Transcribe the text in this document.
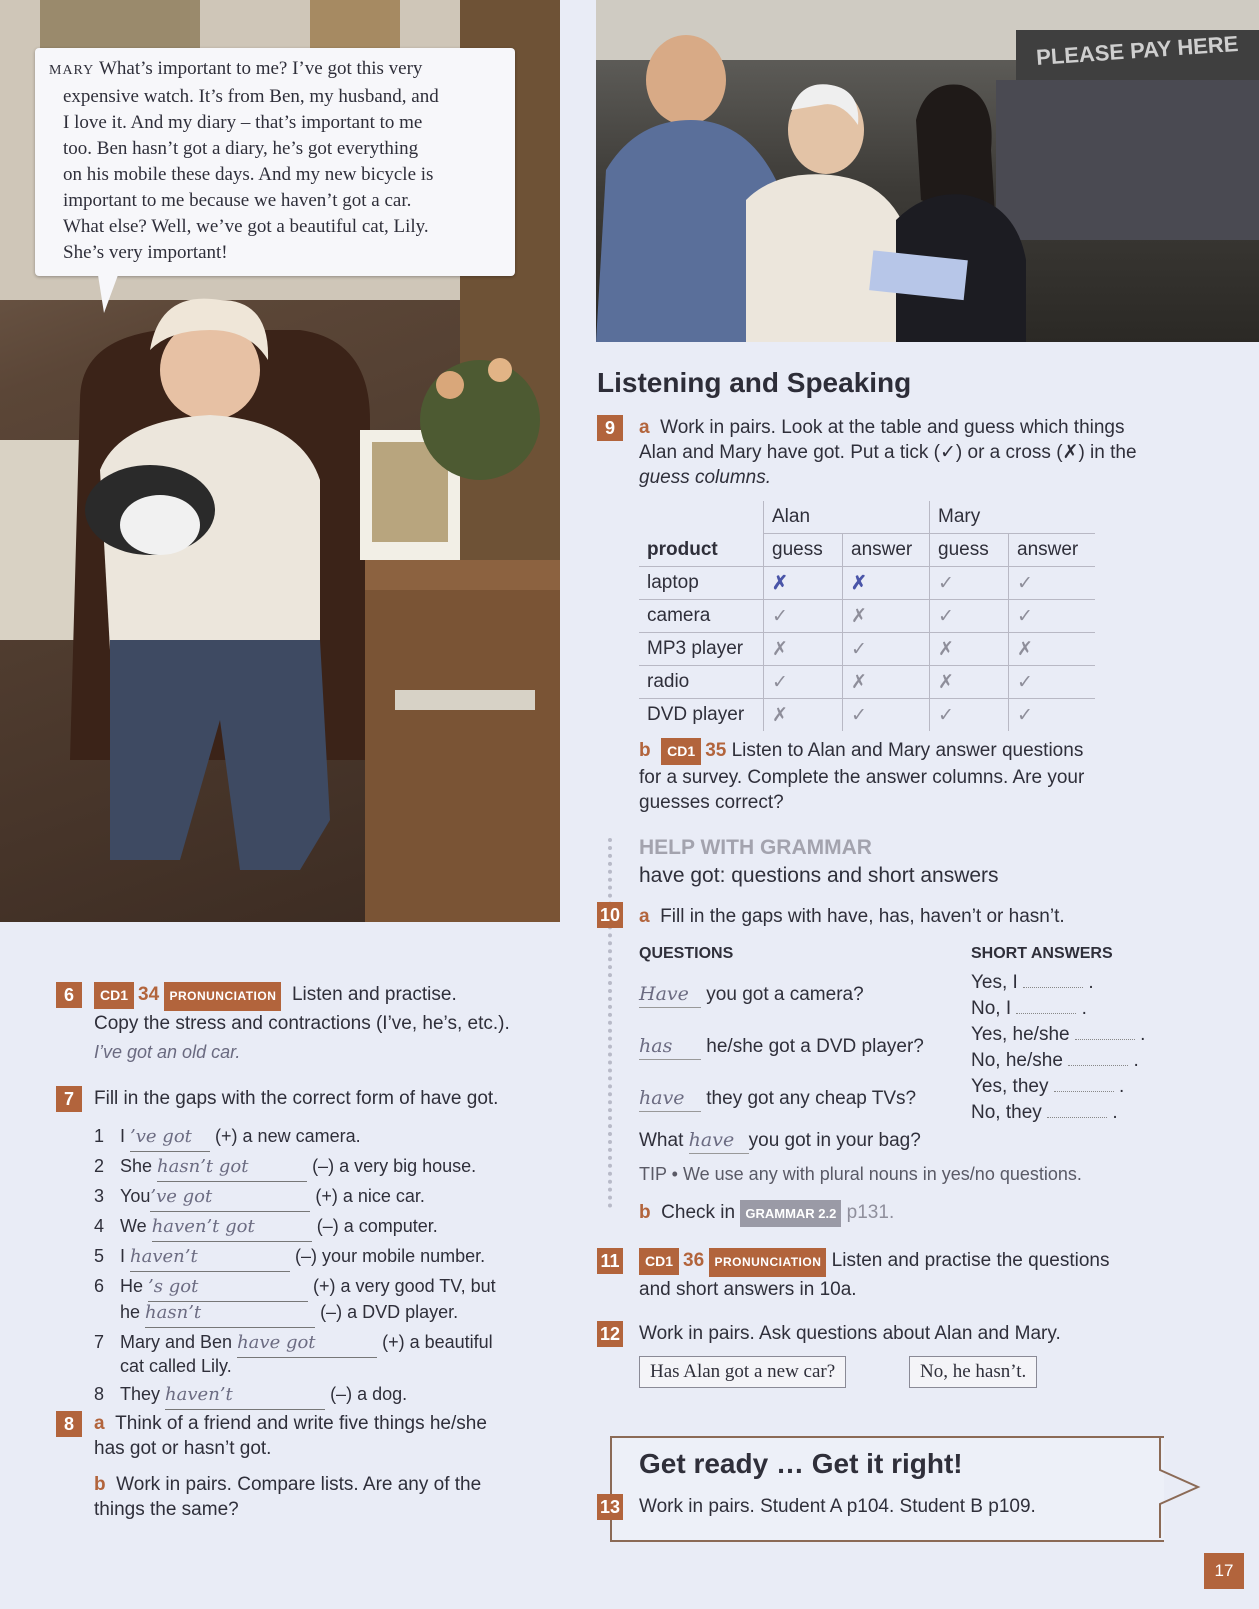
MARY What’s important to me? I’ve got this very
expensive watch. It’s from Ben, my husband, and
I love it. And my diary – that’s important to me
too. Ben hasn’t got a diary, he’s got everything
on his mobile these days. And my new bicycle is
important to me because we haven’t got a car.
What else? Well, we’ve got a beautiful cat, Lily.
She’s very important!
PLEASE PAY HERE
Listening and Speaking
9	a Work in pairs. Look at the table and guess which things
Alan and Mary have got. Put a tick (✓) or a cross (✗) in the
guess columns.
	Alan		Mary	
product	guess	answer	guess	answer
laptop	✗	✗	✓	✓
camera	✓	✗	✓	✓
MP3 player	✗	✓	✗	✗
radio	✓	✗	✗	✓
DVD player	✗	✓	✓	✓
b CD1 35 Listen to Alan and Mary answer questions
for a survey. Complete the answer columns. Are your
guesses correct?
HELP WITH GRAMMAR
have got: questions and short answers
10 a Fill in the gaps with have, has, haven’t or hasn’t.
QUESTIONS	SHORT ANSWERS
Have you got a camera?
has he/she got a DVD player?
have they got any cheap TVs?
What have you got in your bag?
Yes, I	.
No, I	.
Yes, he/she	.
No, he/she	.
Yes, they	.
No, they	.
TIP • We use any with plural nouns in yes/no questions.
b Check in GRAMMAR 2.2 p131.
11	CD1 36 PRONUNCIATION Listen and practise the questions
and short answers in 10a.
12 Work in pairs. Ask questions about Alan and Mary.
Has Alan got a new car?	No, he hasn’t.
Get ready … Get it right!
13 Work in pairs. Student A p104. Student B p109.
6	CD1 34 PRONUNCIATION Listen and practise.
Copy the stress and contractions (I’ve, he’s, etc.).
I’ve got an old car.
7	Fill in the gaps with the correct form of have got.
1 I ’ve got (+) a new camera.
2 She hasn’t got	(–) a very big house.
3 You’ve got	(+) a nice car.
4 We haven’t got	(–) a computer.
5 I haven’t	(–) your mobile number.
6 He ’s got	(+) a very good TV, but
he hasn’t	(–) a DVD player.
7 Mary and Ben have got	(+) a beautiful
cat called Lily.
8 They haven’t	(–) a dog.
8	a Think of a friend and write five things he/she
has got or hasn’t got.
b Work in pairs. Compare lists. Are any of the
things the same?
17
